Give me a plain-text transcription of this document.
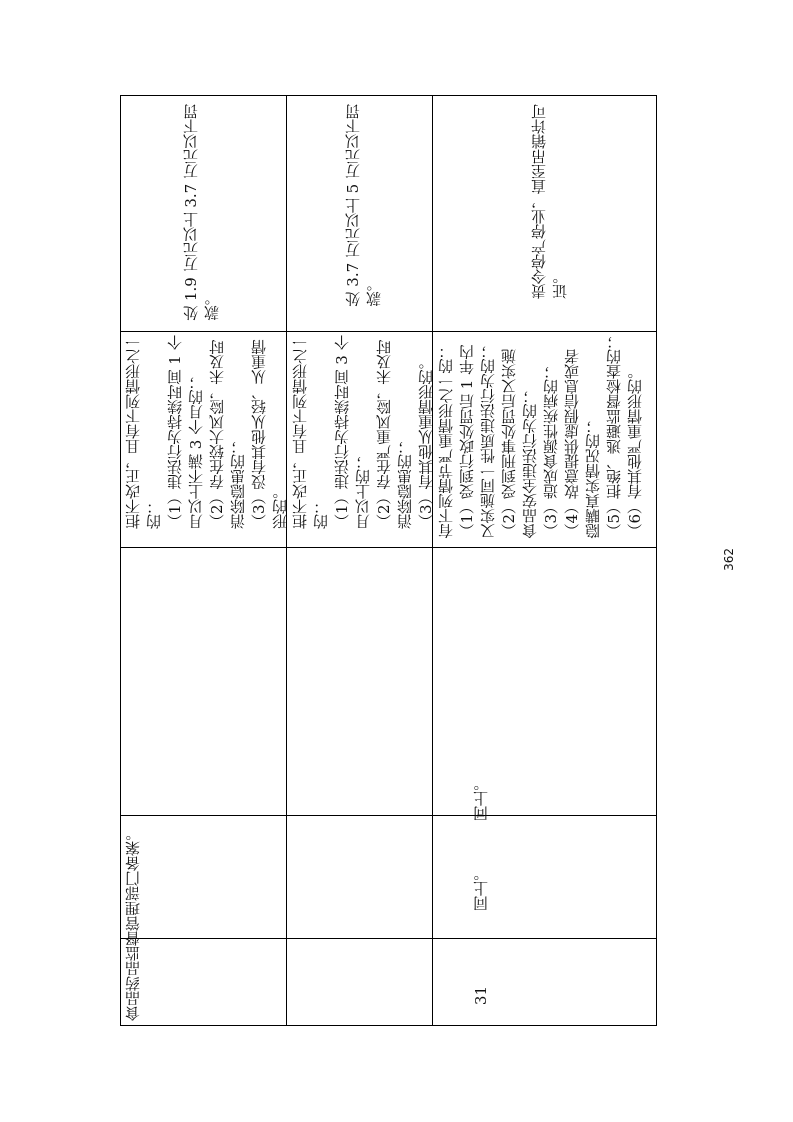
食品药品监督管理部门备案。
拒不改正，且有下列情形之一
的：
（1）违法行为持续时间 1 个
月以上不满 3 个月的；
（2）存在较大风险，未及时
消除隐患的；
（3）没有其他从轻、从重情
形的。
处 1.9 万元以上 3.7 万元以下罚
款。
拒不改正，且有下列情形之一
的：
（1）违法行为持续时间 3 个
月以上的；
（2）存在严重风险，未及时
消除隐患的；
（3）有其他从重情形的。
处 3.7 万元以上 5 万元以下罚
款。
31
同上。
同上。
有下列情节严重情形之一的：
（1）受到行政处罚后 1 年内
又实施同一性质违法行为的；
（2）受到刑事处罚后又实施
食品安全违法行为的；
（3）造成食源性疾病的；
（4）故意提供虚假信息或者
隐瞒真实情况的；
（5）拒绝、逃避监督检查的；
（6）有其他严重情形的。
责令停产停业，直至吊销许可
证。
362
